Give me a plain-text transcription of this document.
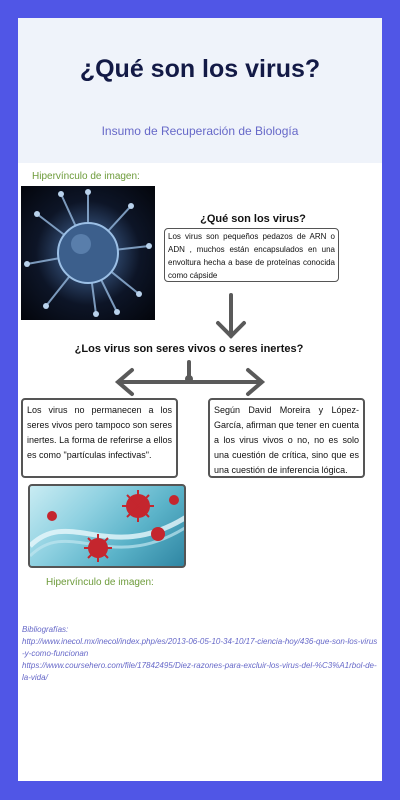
¿Qué son los virus?
Insumo de Recuperación de Biología
Hipervínculo de imagen:
¿Qué son los virus?
Los virus son pequeños pedazos de ARN o ADN , muchos están encapsulados en una envoltura hecha a base de proteínas conocida como cápside
¿Los virus son seres vivos o seres inertes?
Los virus no permanecen a los seres vivos pero tampoco son seres inertes. La forma de referirse a ellos es como "partículas infectivas".
Según David Moreira y López-García, afirman que tener en cuenta a los virus vivos o no, no es solo una cuestión de crítica, sino que es una cuestión de inferencia lógica.
Hipervínculo de imagen:
Bibliografías:
http://www.inecol.mx/inecol/index.php/es/2013-06-05-10-34-10/17-ciencia-hoy/436-que-son-los-virus-y-como-funcionan
https://www.coursehero.com/file/17842495/Diez-razones-para-excluir-los-virus-del-%C3%A1rbol-de-la-vida/
